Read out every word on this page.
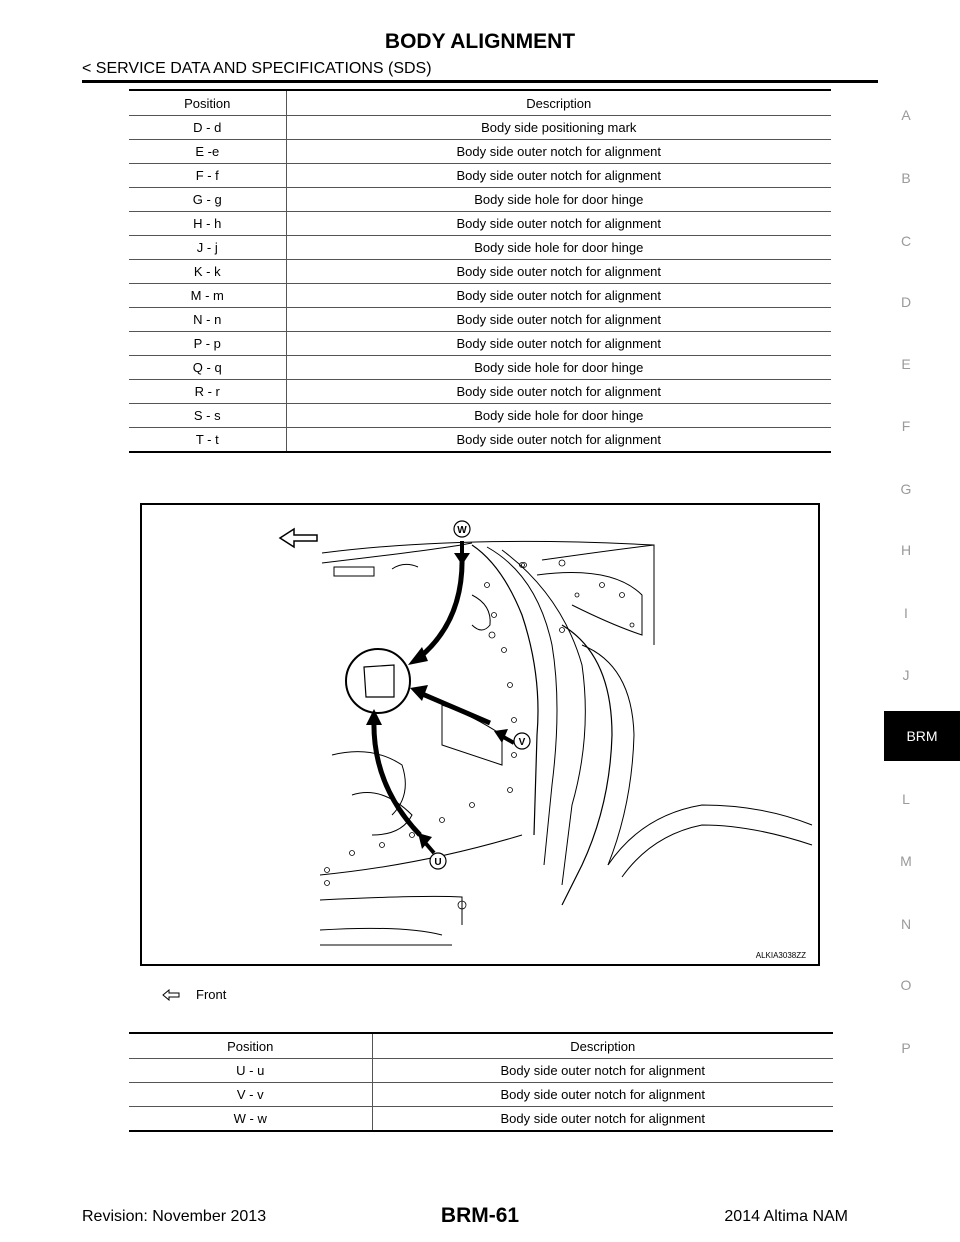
BODY ALIGNMENT
< SERVICE DATA AND SPECIFICATIONS (SDS)
Position	Description
D - d	Body side positioning mark
E -e	Body side outer notch for alignment
F - f	Body side outer notch for alignment
G - g	Body side hole for door hinge
H - h	Body side outer notch for alignment
J - j	Body side hole for door hinge
K - k	Body side outer notch for alignment
M - m	Body side outer notch for alignment
N - n	Body side outer notch for alignment
P - p	Body side outer notch for alignment
Q - q	Body side hole for door hinge
R - r	Body side outer notch for alignment
S - s	Body side hole for door hinge
T - t	Body side outer notch for alignment
W
V
U
ALKIA3038ZZ
Front
Position	Description
U - u	Body side outer notch for alignment
V - v	Body side outer notch for alignment
W - w	Body side outer notch for alignment
A
B
C
D
E
F
G
H
I
J
BRM
L
M
N
O
P
Revision: November 2013	BRM-61	2014 Altima NAM
